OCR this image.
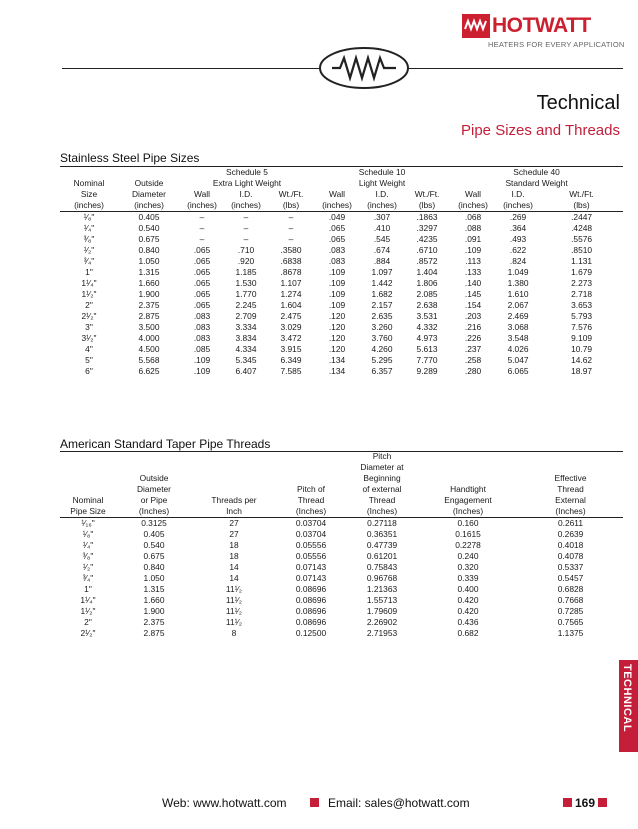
HOTWATT
HEATERS FOR EVERY APPLICATION
Technical
Pipe Sizes and Threads
Stainless Steel Pipe Sizes
		Schedule 5			Schedule 10			Schedule 40		
Nominal	Outside	Extra Light Weight			Light Weight			Standard Weight		
Size	Diameter	Wall	I.D.	Wt./Ft.	Wall	I.D.	Wt./Ft.	Wall	I.D.	Wt./Ft.
(inches)	(inches)	(inches)	(inches)	(lbs)	(inches)	(inches)	(lbs)	(inches)	(inches)	(lbs)
¹⁄₈"	0.405	–	–	–	.049	.307	.1863	.068	.269	.2447
¹⁄₄"	0.540	–	–	–	.065	.410	.3297	.088	.364	.4248
³⁄₈"	0.675	–	–	–	.065	.545	.4235	.091	.493	.5576
¹⁄₂"	0.840	.065	.710	.3580	.083	.674	.6710	.109	.622	.8510
³⁄₄"	1.050	.065	.920	.6838	.083	.884	.8572	.113	.824	1.131
1"	1.315	.065	1.185	.8678	.109	1.097	1.404	.133	1.049	1.679
1¹⁄₄"	1.660	.065	1.530	1.107	.109	1.442	1.806	.140	1.380	2.273
1¹⁄₂"	1.900	.065	1.770	1.274	.109	1.682	2.085	.145	1.610	2.718
2"	2.375	.065	2.245	1.604	.109	2.157	2.638	.154	2.067	3.653
2¹⁄₂"	2.875	.083	2.709	2.475	.120	2.635	3.531	.203	2.469	5.793
3"	3.500	.083	3.334	3.029	.120	3.260	4.332	.216	3.068	7.576
3¹⁄₂"	4.000	.083	3.834	3.472	.120	3.760	4.973	.226	3.548	9.109
4"	4.500	.085	4.334	3.915	.120	4.260	5.613	.237	4.026	10.79
5"	5.568	.109	5.345	6.349	.134	5.295	7.770	.258	5.047	14.62
6"	6.625	.109	6.407	7.585	.134	6.357	9.289	.280	6.065	18.97
American Standard Taper Pipe Threads
				Pitch		
				Diameter at		
	Outside			Beginning		Effective
	Diameter		Pitch of	of external	Handtight	Thread
Nominal	or Pipe	Threads per	Thread	Thread	Engagement	External
Pipe Size	(Inches)	Inch	(Inches)	(Inches)	(Inches)	(Inches)
¹⁄₁₆"	0.3125	27	0.03704	0.27118	0.160	0.2611
¹⁄₈"	0.405	27	0.03704	0.36351	0.1615	0.2639
¹⁄₄"	0.540	18	0.05556	0.47739	0.2278	0.4018
³⁄₈"	0.675	18	0.05556	0.61201	0.240	0.4078
¹⁄₂"	0.840	14	0.07143	0.75843	0.320	0.5337
³⁄₄"	1.050	14	0.07143	0.96768	0.339	0.5457
1"	1.315	11¹⁄₂	0.08696	1.21363	0.400	0.6828
1¹⁄₄"	1.660	11¹⁄₂	0.08696	1.55713	0.420	0.7668
1¹⁄₂"	1.900	11¹⁄₂	0.08696	1.79609	0.420	0.7285
2"	2.375	11¹⁄₂	0.08696	2.26902	0.436	0.7565
2¹⁄₂"	2.875	8	0.12500	2.71953	0.682	1.1375
TECHNICAL
Web: www.hotwatt.com	Email: sales@hotwatt.com	169
